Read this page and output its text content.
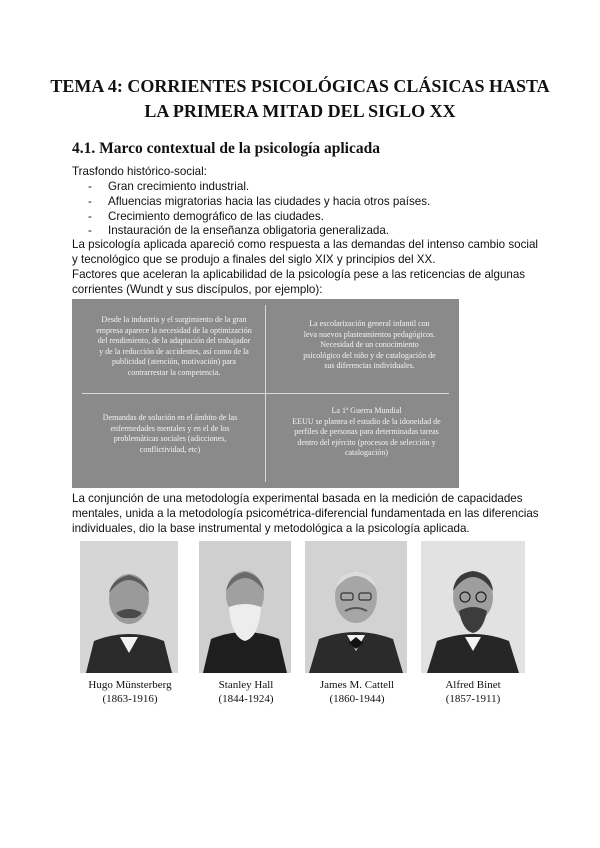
TEMA 4: CORRIENTES PSICOLÓGICAS CLÁSICAS HASTA
LA PRIMERA MITAD DEL SIGLO XX
4.1. Marco contextual de la psicología aplicada
Trasfondo histórico-social:
- Gran crecimiento industrial.
- Afluencias migratorias hacia las ciudades y hacia otros países.
- Crecimiento demográfico de las ciudades.
- Instauración de la enseñanza obligatoria generalizada.
La psicología aplicada apareció como respuesta a las demandas del intenso cambio social y tecnológico que se produjo a finales del siglo XIX y principios del XX.
Factores que aceleran la aplicabilidad de la psicología pese a las reticencias de algunas corrientes (Wundt y sus discípulos, por ejemplo):
Desde la industria y el surgimiento de la gran empresa aparece la necesidad de la optimización del rendimiento, de la adaptación del trabajador y de la reducción de accidentes, así como de la publicidad (atención, motivación) para contrarrestar la competencia.
La escolarización general infantil con leva nuevos plasteamientos pedagógicos. Necesidad de un conocimiento psicológico del niño y de catalogación de sus diferencias individuales.
Demandas de solución en el ámbito de las enfermedades mentales y en el de los problemáticas sociales (adicciones, conflictividad, etc)
La 1ª Guerra Mundial
EEUU se plantea el estudio de la idoneidad de perfiles de personas para determinadas tareas dentro del ejército (procesos de selección y catalogación)
La conjunción de una metodología experimental basada en la medición de capacidades mentales, unida a la metodología psicométrica-diferencial fundamentada en las diferencias individuales, dio la base instrumental y metodológica a la psicología aplicada.
Hugo Münsterberg
(1863-1916)
Stanley Hall
(1844-1924)
James M. Cattell
(1860-1944)
Alfred Binet
(1857-1911)
